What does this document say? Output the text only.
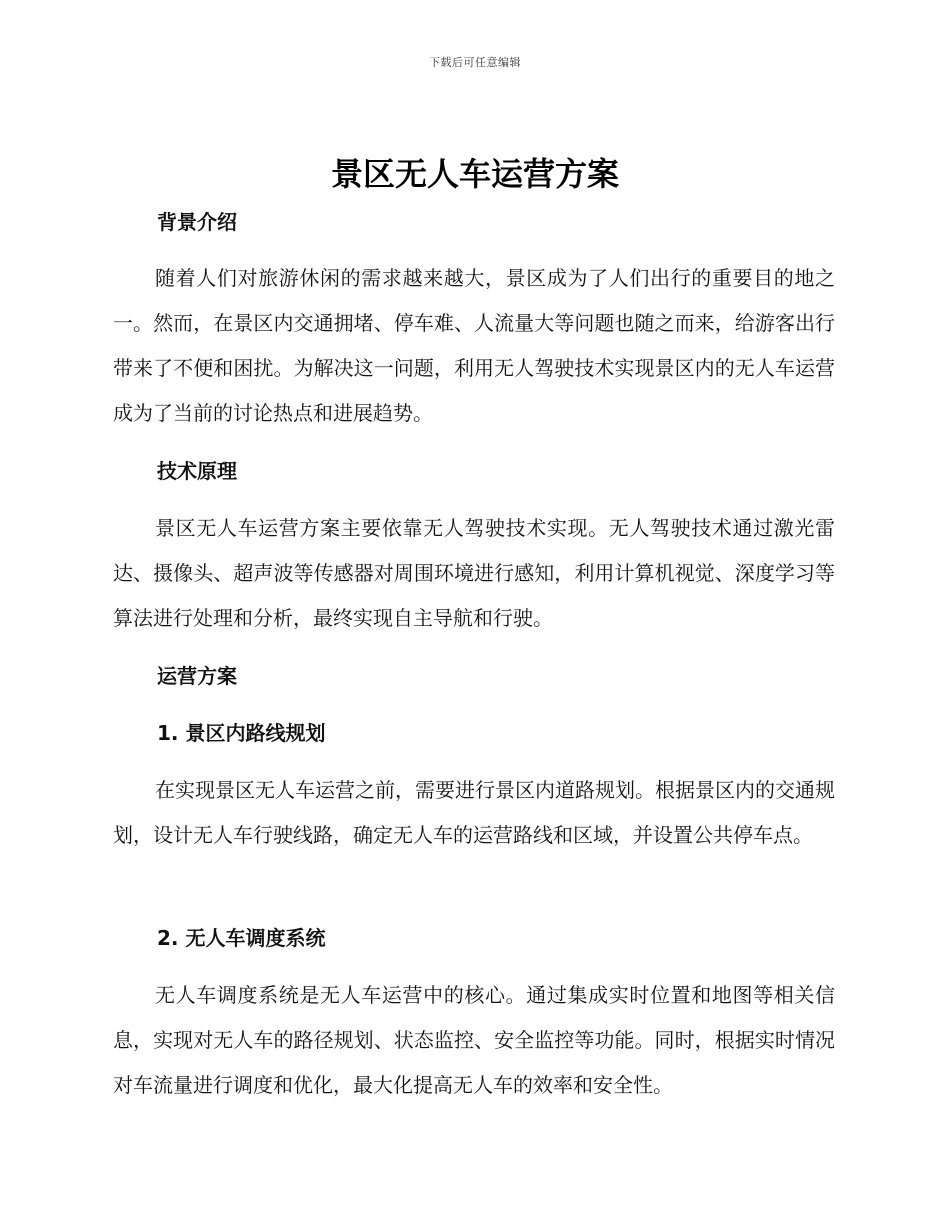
下载后可任意编辑
景区无人车运营方案
背景介绍

随着人们对旅游休闲的需求越来越大，景区成为了人们出行的重要目的地之一。然而，在景区内交通拥堵、停车难、人流量大等问题也随之而来，给游客出行带来了不便和困扰。为解决这一问题，利用无人驾驶技术实现景区内的无人车运营成为了当前的讨论热点和进展趋势。

技术原理

景区无人车运营方案主要依靠无人驾驶技术实现。无人驾驶技术通过激光雷达、摄像头、超声波等传感器对周围环境进行感知，利用计算机视觉、深度学习等算法进行处理和分析，最终实现自主导航和行驶。

运营方案
1. 景区内路线规划

在实现景区无人车运营之前，需要进行景区内道路规划。根据景区内的交通规划，设计无人车行驶线路，确定无人车的运营路线和区域，并设置公共停车点。

2. 无人车调度系统

无人车调度系统是无人车运营中的核心。通过集成实时位置和地图等相关信息，实现对无人车的路径规划、状态监控、安全监控等功能。同时，根据实时情况对车流量进行调度和优化，最大化提高无人车的效率和安全性。
